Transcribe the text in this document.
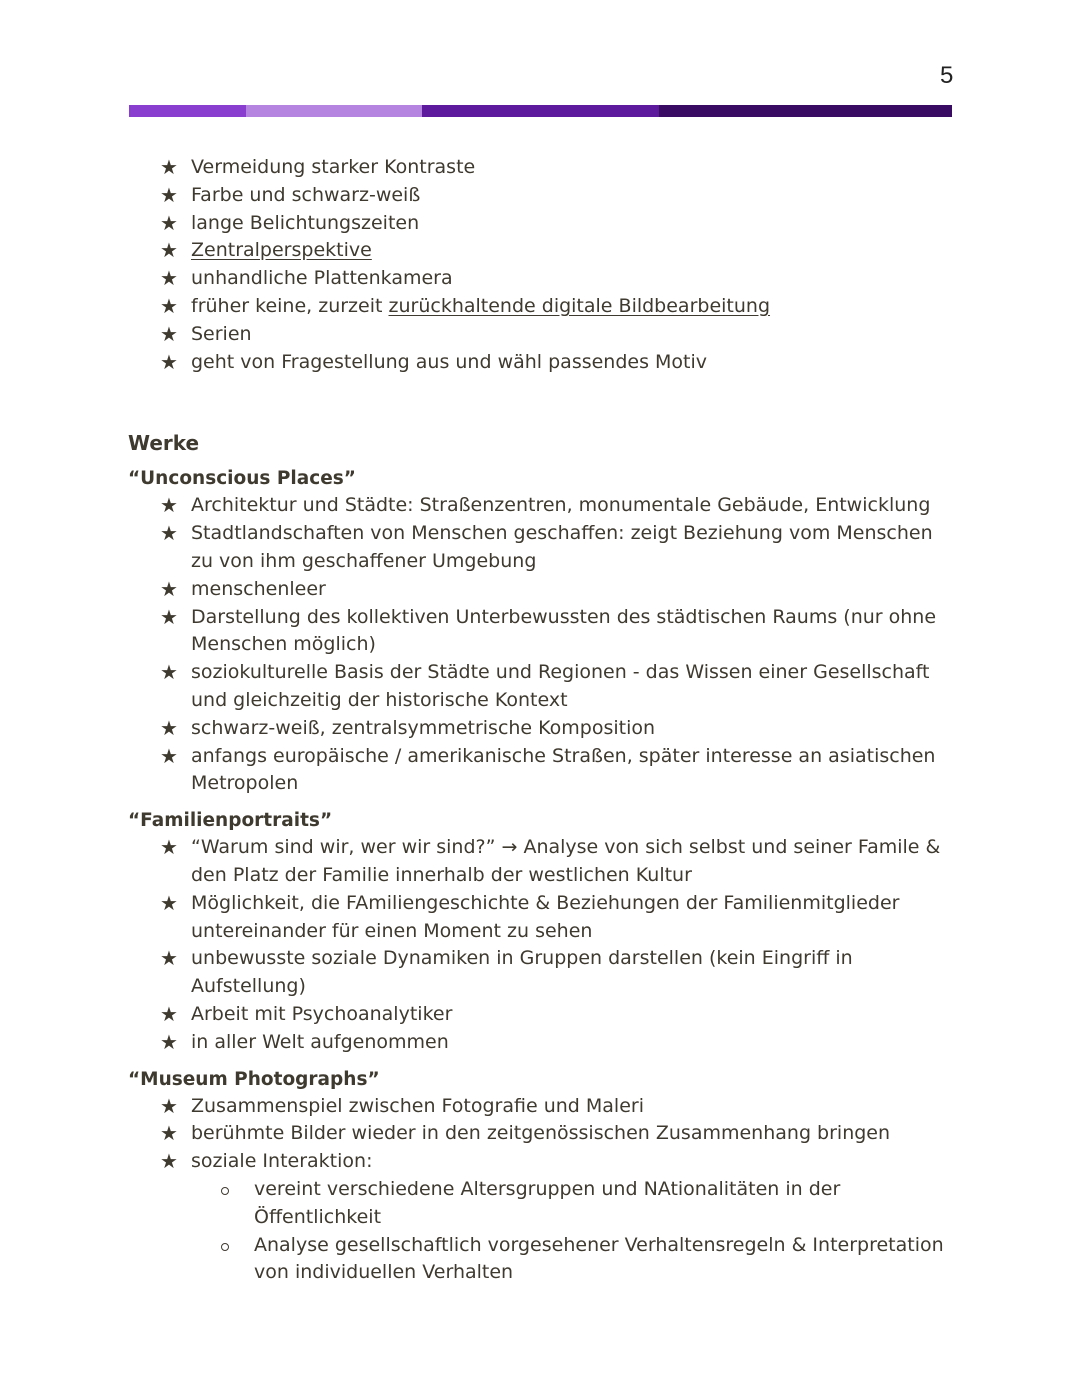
5
★ Vermeidung starker Kontraste
★ Farbe und schwarz-weiß
★ lange Belichtungszeiten
★ Zentralperspektive
★ unhandliche Plattenkamera
★ früher keine, zurzeit zurückhaltende digitale Bildbearbeitung
★ Serien
★ geht von Fragestellung aus und wähl passendes Motiv
Werke
“Unconscious Places”
★ Architektur und Städte: Straßenzentren, monumentale Gebäude, Entwicklung
★ Stadtlandschaften von Menschen geschaffen: zeigt Beziehung vom Menschen zu von ihm geschaffener Umgebung
★ menschenleer
★ Darstellung des kollektiven Unterbewussten des städtischen Raums (nur ohne Menschen möglich)
★ soziokulturelle Basis der Städte und Regionen - das Wissen einer Gesellschaft und gleichzeitig der historische Kontext
★ schwarz-weiß, zentralsymmetrische Komposition
★ anfangs europäische / amerikanische Straßen, später interesse an asiatischen Metropolen
“Familienportraits”
★ “Warum sind wir, wer wir sind?” → Analyse von sich selbst und seiner Famile & den Platz der Familie innerhalb der westlichen Kultur
★ Möglichkeit, die FAmiliengeschichte & Beziehungen der Familienmitglieder untereinander für einen Moment zu sehen
★ unbewusste soziale Dynamiken in Gruppen darstellen (kein Eingriff in Aufstellung)
★ Arbeit mit Psychoanalytiker
★ in aller Welt aufgenommen
“Museum Photographs”
★ Zusammenspiel zwischen Fotografie und Maleri
★ berühmte Bilder wieder in den zeitgenössischen Zusammenhang bringen
★ soziale Interaktion:
vereint verschiedene Altersgruppen und NAtionalitäten in der Öffentlichkeit
Analyse gesellschaftlich vorgesehener Verhaltensregeln & Interpretation von individuellen Verhalten
